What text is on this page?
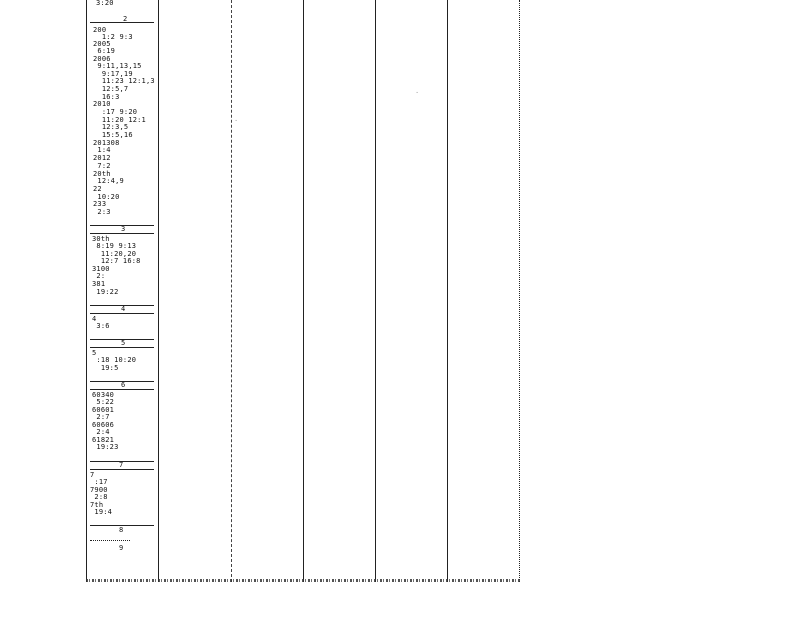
3:20
2
200
1:2 9:3
2005
6:19
2006
9:11,13,15
9:17,19
11:23 12:1,3
12:5,7
16:3
2010
:17 9:20
11:20 12:1
12:3,5
15:5,16
201308
1:4
2012
7:2
20th
12:4,9
22
10:20
233
2:3
3
30th
8:19 9:13
11:20,20
12:7 16:8
3100
2:
381
19:22
4
4
3:6
5
5
:18 10:20
19:5
6
60340
5:22
60601
2:7
60606
2:4
61821
19:23
7
7
:17
7900
2:8
7th
19:4
8
9
.
.
